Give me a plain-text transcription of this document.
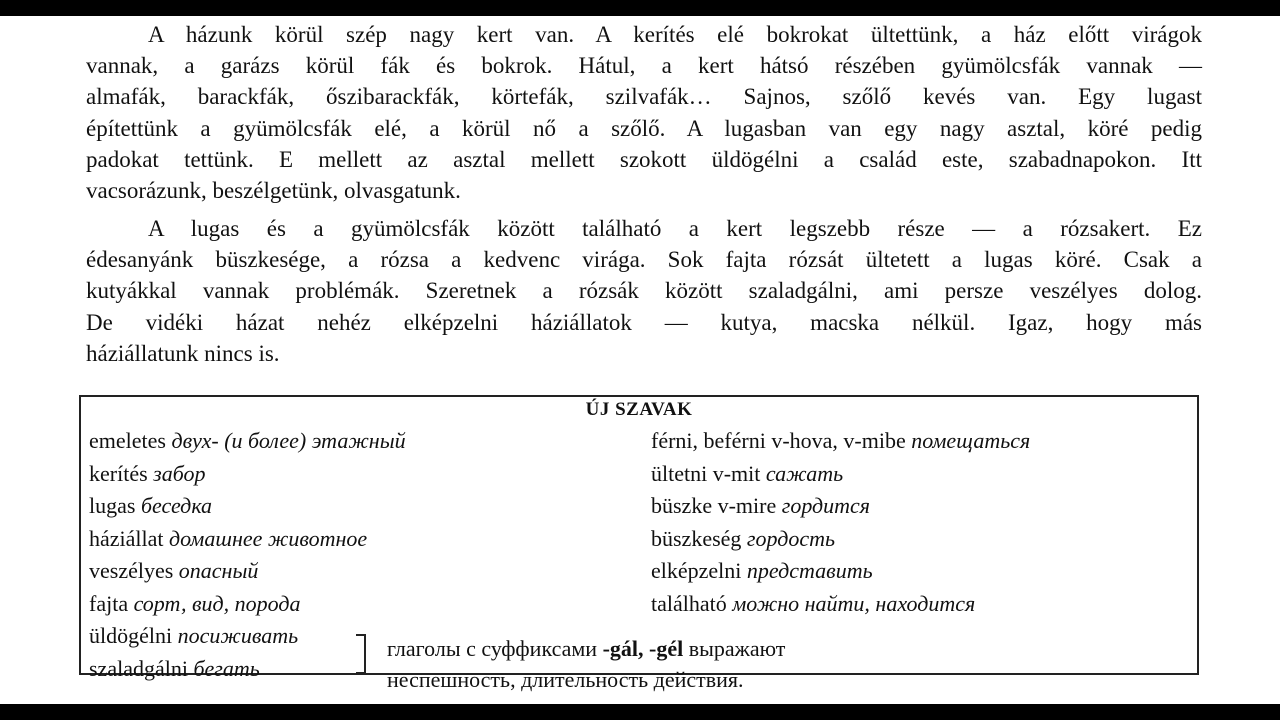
A házunk körül szép nagy kert van. A kerítés elé bokrokat ültettünk, a ház előtt virágok
vannak, a garázs körül fák és bokrok. Hátul, a kert hátsó részében gyümölcsfák vannak —
almafák, barackfák, őszibarackfák, körtefák, szilvafák… Sajnos, szőlő kevés van. Egy lugast
építettünk a gyümölcsfák elé, a körül nő a szőlő. A lugasban van egy nagy asztal, köré pedig
padokat tettünk. E mellett az asztal mellett szokott üldögélni a család este, szabadnapokon. Itt
vacsorázunk, beszélgetünk, olvasgatunk.
A lugas és a gyümölcsfák között található a kert legszebb része — a rózsakert. Ez
édesanyánk büszkesége, a rózsa a kedvenc virága. Sok fajta rózsát ültetett a lugas köré. Csak a
kutyákkal vannak problémák. Szeretnek a rózsák között szaladgálni, ami persze veszélyes dolog.
De vidéki házat nehéz elképzelni háziállatok — kutya, macska nélkül. Igaz, hogy más
háziállatunk nincs is.
ÚJ SZAVAK
emeletes двух- (и более) этажный
kerítés забор
lugas беседка
háziállat домашнее животное
veszélyes опасный
fajta сорт, вид, порода
üldögélni посиживать
szaladgálni бегать
férni, beférni v-hova, v-mibe помещаться
ültetni v-mit сажать
büszke v-mire гордится
büszkeség гордость
elképzelni представить
található можно найти, находится
глаголы с суффиксами -gál, -gél выражают
неспешность, длительность действия.
